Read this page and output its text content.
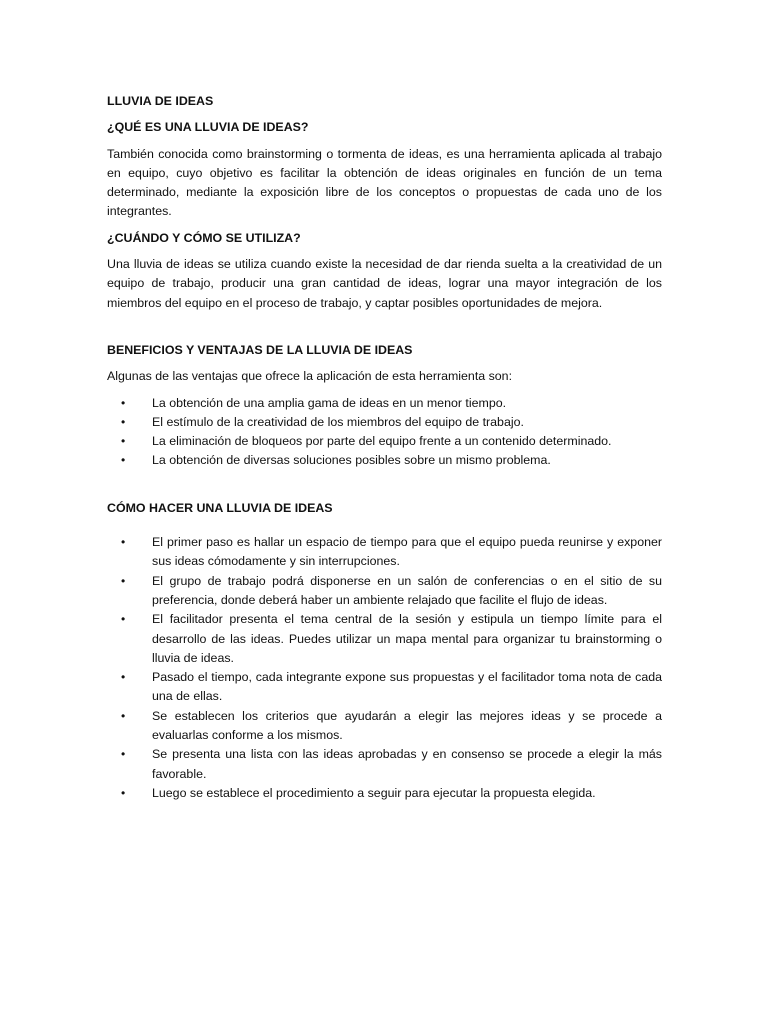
LLUVIA DE IDEAS
¿QUÉ ES UNA LLUVIA DE IDEAS?

También conocida como brainstorming o tormenta de ideas, es una herramienta aplicada al trabajo en equipo, cuyo objetivo es facilitar la obtención de ideas originales en función de un tema determinado, mediante la exposición libre de los conceptos o propuestas de cada uno de los integrantes.

¿CUÁNDO Y CÓMO SE UTILIZA?

Una lluvia de ideas se utiliza cuando existe la necesidad de dar rienda suelta a la creatividad de un equipo de trabajo, producir una gran cantidad de ideas, lograr una mayor integración de los miembros del equipo en el proceso de trabajo, y captar posibles oportunidades de mejora.

BENEFICIOS Y VENTAJAS DE LA LLUVIA DE IDEAS

Algunas de las ventajas que ofrece la aplicación de esta herramienta son:

• La obtención de una amplia gama de ideas en un menor tiempo.
• El estímulo de la creatividad de los miembros del equipo de trabajo.
• La eliminación de bloqueos por parte del equipo frente a un contenido determinado.
• La obtención de diversas soluciones posibles sobre un mismo problema.
CÓMO HACER UNA LLUVIA DE IDEAS
• El primer paso es hallar un espacio de tiempo para que el equipo pueda reunirse y exponer sus ideas cómodamente y sin interrupciones.
• El grupo de trabajo podrá disponerse en un salón de conferencias o en el sitio de su preferencia, donde deberá haber un ambiente relajado que facilite el flujo de ideas.
• El facilitador presenta el tema central de la sesión y estipula un tiempo límite para el desarrollo de las ideas. Puedes utilizar un mapa mental para organizar tu brainstorming o lluvia de ideas.
• Pasado el tiempo, cada integrante expone sus propuestas y el facilitador toma nota de cada una de ellas.
• Se establecen los criterios que ayudarán a elegir las mejores ideas y se procede a evaluarlas conforme a los mismos.
• Se presenta una lista con las ideas aprobadas y en consenso se procede a elegir la más favorable.
• Luego se establece el procedimiento a seguir para ejecutar la propuesta elegida.
